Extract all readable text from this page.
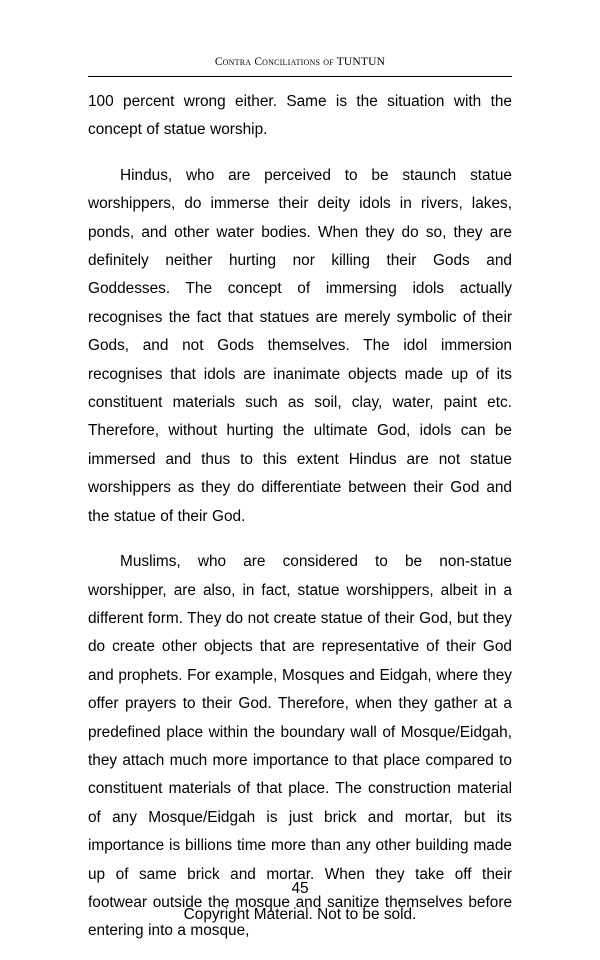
Contra Conciliations of TUNTUN

100 percent wrong either. Same is the situation with the concept of statue worship.

Hindus, who are perceived to be staunch statue worshippers, do immerse their deity idols in rivers, lakes, ponds, and other water bodies. When they do so, they are definitely neither hurting nor killing their Gods and Goddesses. The concept of immersing idols actually recognises the fact that statues are merely symbolic of their Gods, and not Gods themselves. The idol immersion recognises that idols are inanimate objects made up of its constituent materials such as soil, clay, water, paint etc. Therefore, without hurting the ultimate God, idols can be immersed and thus to this extent Hindus are not statue worshippers as they do differentiate between their God and the statue of their God.

Muslims, who are considered to be non-statue worshipper, are also, in fact, statue worshippers, albeit in a different form. They do not create statue of their God, but they do create other objects that are representative of their God and prophets. For example, Mosques and Eidgah, where they offer prayers to their God. Therefore, when they gather at a predefined place within the boundary wall of Mosque/Eidgah, they attach much more importance to that place compared to constituent materials of that place. The construction material of any Mosque/Eidgah is just brick and mortar, but its importance is billions time more than any other building made up of same brick and mortar. When they take off their footwear outside the mosque and sanitize themselves before entering into a mosque,

45
Copyright Material. Not to be sold.
